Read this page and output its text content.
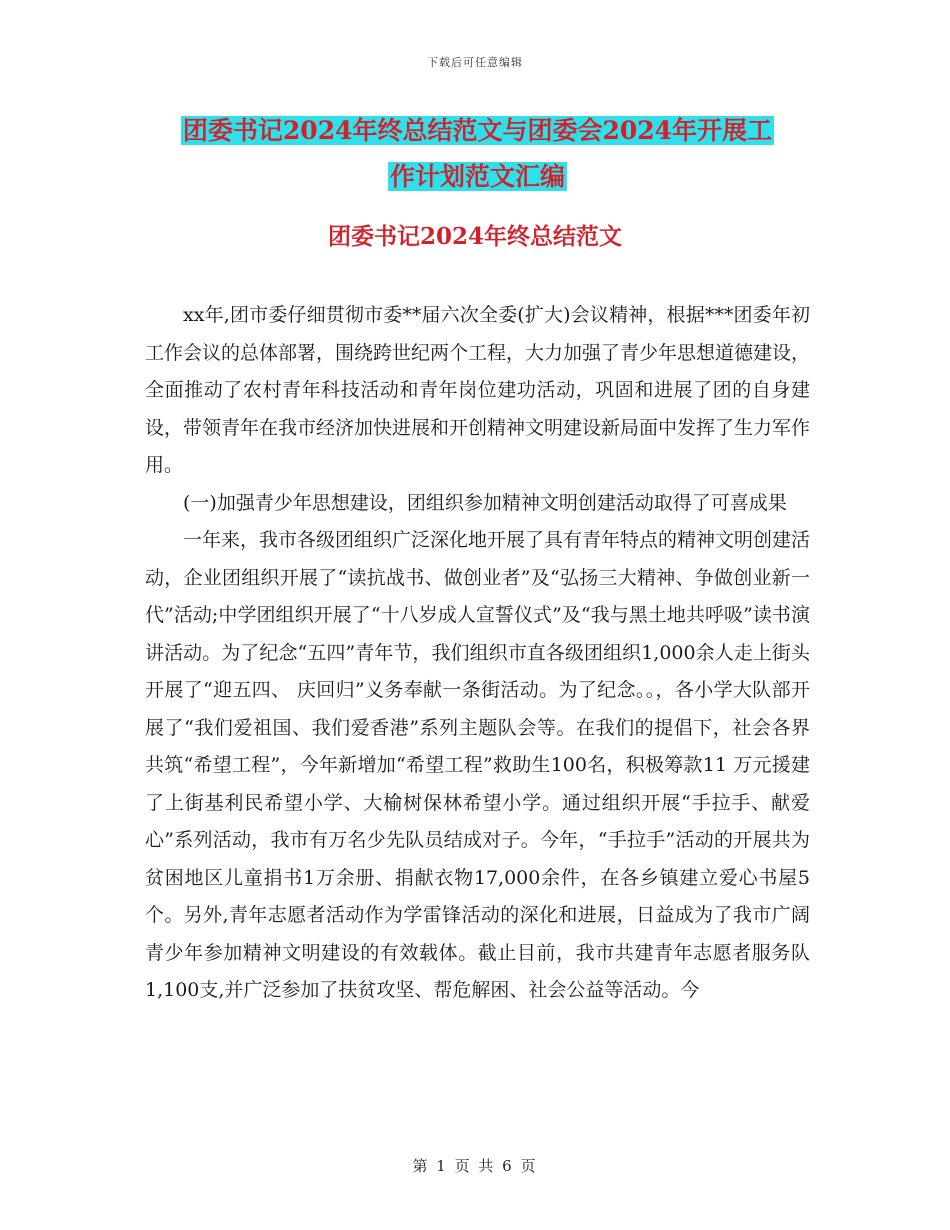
下载后可任意编辑
团委书记2024年终总结范文与团委会2024年开展工
作计划范文汇编
团委书记2024年终总结范文

xx年,团市委仔细贯彻市委**届六次全委(扩大)会议精神，根据***团委年初工作会议的总体部署，围绕跨世纪两个工程，大力加强了青少年思想道德建设，全面推动了农村青年科技活动和青年岗位建功活动，巩固和进展了团的自身建设，带领青年在我市经济加快进展和开创精神文明建设新局面中发挥了生力军作用。

(一)加强青少年思想建设，团组织参加精神文明创建活动取得了可喜成果

一年来，我市各级团组织广泛深化地开展了具有青年特点的精神文明创建活动，企业团组织开展了“读抗战书、做创业者”及“弘扬三大精神、争做创业新一代”活动;中学团组织开展了“十八岁成人宣誓仪式”及“我与黑土地共呼吸”读书演讲活动。为了纪念“五四”青年节，我们组织市直各级团组织1,000余人走上街头开展了“迎五四、 庆回归”义务奉献一条街活动。为了纪念。。，各小学大队部开展了“我们爱祖国、我们爱香港”系列主题队会等。在我们的提倡下，社会各界共筑“希望工程”，今年新增加“希望工程”救助生100名，积极筹款11 万元援建了上街基利民希望小学、大榆树保林希望小学。通过组织开展“手拉手、献爱心”系列活动，我市有万名少先队员结成对子。今年，“手拉手”活动的开展共为贫困地区儿童捐书1万余册、捐献衣物17,000余件，在各乡镇建立爱心书屋5个。另外,青年志愿者活动作为学雷锋活动的深化和进展，日益成为了我市广阔青少年参加精神文明建设的有效载体。截止目前，我市共建青年志愿者服务队1,100支,并广泛参加了扶贫攻坚、帮危解困、社会公益等活动。今

第 1 页 共 6 页
